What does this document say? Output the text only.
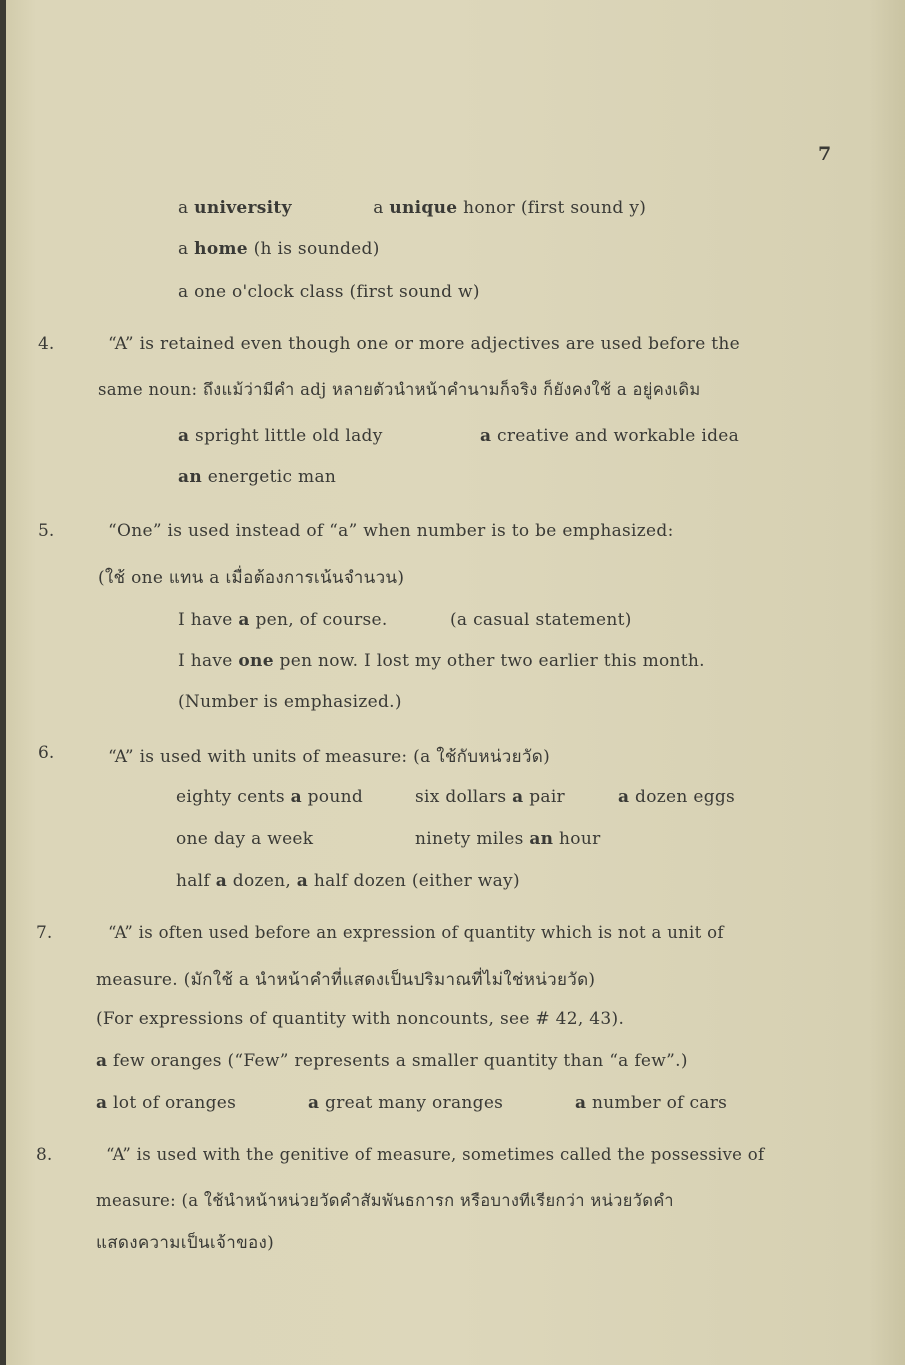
7
a university	a unique honor (first sound y)
a home (h is sounded)
a one o'clock class (first sound w)
4.	“A” is retained even though one or more adjectives are used before the
same noun: ถึงแม้ว่ามีคำ adj หลายตัวนำหน้าคำนามก็จริง ก็ยังคงใช้ a อยู่คงเดิม
a spright little old lady	a creative and workable idea
an energetic man
5.	“One” is used instead of “a” when number is to be emphasized:
(ใช้ one แทน a เมื่อต้องการเน้นจำนวน)
I have a pen, of course.	(a casual statement)
I have one pen now. I lost my other two earlier this month.
(Number is emphasized.)
6.	“A” is used with units of measure: (a ใช้กับหน่วยวัด)
eighty cents a pound	six dollars a pair	a dozen eggs
one day a week	ninety miles an hour
half a dozen, a half dozen (either way)
7.	“A” is often used before an expression of quantity which is not a unit of
measure. (มักใช้ a นำหน้าคำที่แสดงเป็นปริมาณที่ไม่ใช่หน่วยวัด)
(For expressions of quantity with noncounts, see # 42, 43).
a few oranges (“Few” represents a smaller quantity than “a few”.)
a lot of oranges	a great many oranges	a number of cars
8.	“A” is used with the genitive of measure, sometimes called the possessive of
measure: (a ใช้นำหน้าหน่วยวัดคำสัมพันธการก หรือบางทีเรียกว่า หน่วยวัดคำ
แสดงความเป็นเจ้าของ)
